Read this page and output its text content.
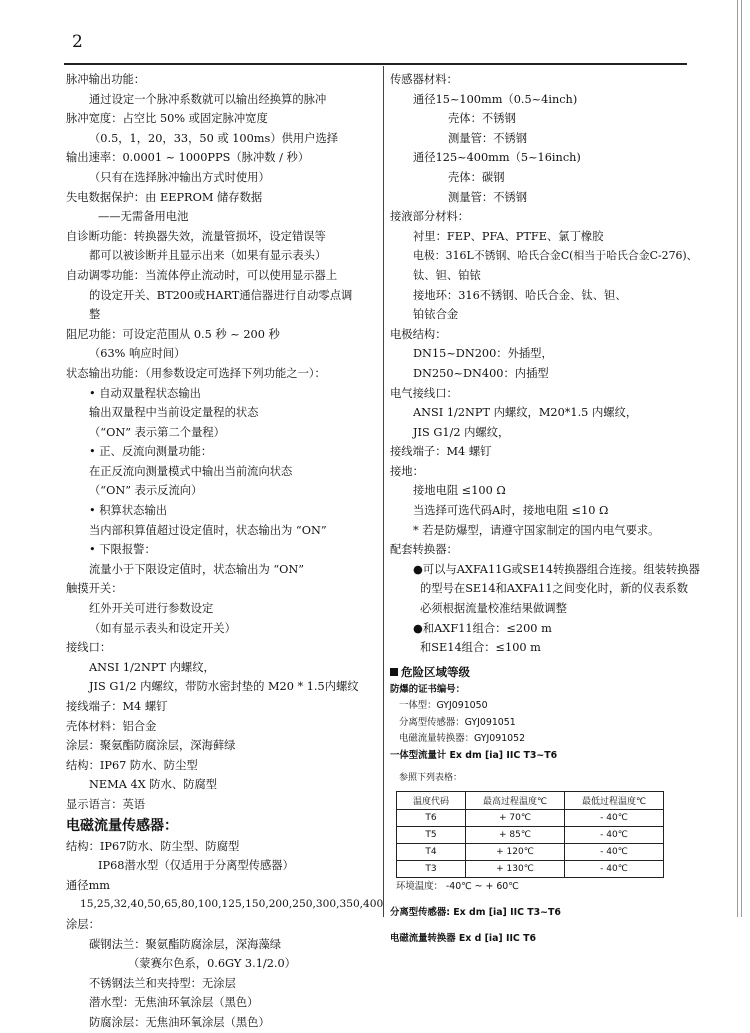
2
脉冲输出功能：
通过设定一个脉冲系数就可以输出经换算的脉冲
脉冲宽度：占空比 50% 或固定脉冲宽度
（0.5，1，20，33，50 或 100ms）供用户选择
输出速率：0.0001 ~ 1000PPS（脉冲数 / 秒）
（只有在选择脉冲输出方式时使用）
失电数据保护：由 EEPROM 储存数据
——无需备用电池
自诊断功能：转换器失效，流量管损坏，设定错误等
都可以被诊断并且显示出来（如果有显示表头）
自动调零功能：当流体停止流动时，可以使用显示器上
的设定开关、BT200或HART通信器进行自动零点调
整
阻尼功能：可设定范围从 0.5 秒 ~ 200 秒
（63% 响应时间）
状态输出功能：（用参数设定可选择下列功能之一）：
• 自动双量程状态输出
输出双量程中当前设定量程的状态
（“ON” 表示第二个量程）
• 正、反流向测量功能：
在正反流向测量模式中输出当前流向状态
（“ON” 表示反流向）
• 积算状态输出
当内部积算值超过设定值时，状态输出为 “ON”
• 下限报警：
流量小于下限设定值时，状态输出为 “ON”
触摸开关：
红外开关可进行参数设定
（如有显示表头和设定开关）
接线口：
ANSI 1/2NPT 内螺纹，
JIS G1/2 内螺纹，带防水密封垫的 M20 * 1.5内螺纹
接线端子：M4 螺钉
壳体材料：铝合金
涂层：聚氨酯防腐涂层，深海藓绿
结构：IP67 防水、防尘型
NEMA 4X 防水、防腐型
显示语言：英语
电磁流量传感器：
结构：IP67防水、防尘型、防腐型
IP68潜水型（仅适用于分离型传感器）
通径mm
15,25,32,40,50,65,80,100,125,150,200,250,300,350,400
涂层：
碳钢法兰：聚氨酯防腐涂层，深海藻绿
（蒙赛尔色系，0.6GY 3.1/2.0）
不锈钢法兰和夹持型：无涂层
潜水型：无焦油环氧涂层（黑色）
防腐涂层：无焦油环氧涂层（黑色）
传感器材料：
通径15~100mm（0.5~4inch)
壳体：不锈钢
测量管：不锈钢
通径125~400mm（5~16inch)
壳体：碳钢
测量管：不锈钢
接液部分材料：
衬里：FEP、PFA、PTFE、氯丁橡胶
电极：316L不锈钢、哈氏合金C(相当于哈氏合金C-276)、
钛、钽、铂铱
接地环：316不锈钢、哈氏合金、钛、钽、
铂铱合金
电极结构：
DN15~DN200：外插型，
DN250~DN400：内插型
电气接线口：
ANSI 1/2NPT 内螺纹，M20*1.5 内螺纹，
JIS G1/2 内螺纹，
接线端子：M4 螺钉
接地：
接地电阻 ≤100 Ω
当选择可选代码A时，接地电阻 ≤10 Ω
* 若是防爆型，请遵守国家制定的国内电气要求。
配套转换器：
●可以与AXFA11G或SE14转换器组合连接。组装转换器
的型号在SE14和AXFA11之间变化时，新的仪表系数
必须根据流量校准结果做调整
●和AXF11组合：≤200 m
和SE14组合：≤100 m
危险区域等级
防爆的证书编号：
一体型：GYJ091050
分离型传感器：GYJ091051
电磁流量转换器：GYJ091052
一体型流量计 Ex dm [ia] IIC T3~T6
参照下列表格：
温度代码	最高过程温度℃	最低过程温度℃
T6	+ 70℃	- 40℃
T5	+ 85℃	- 40℃
T4	+ 120℃	- 40℃
T3	+ 130℃	- 40℃
环境温度： -40℃ ~ + 60℃
分离型传感器: Ex dm [ia] IIC T3~T6
电磁流量转换器 Ex d [ia] IIC T6
